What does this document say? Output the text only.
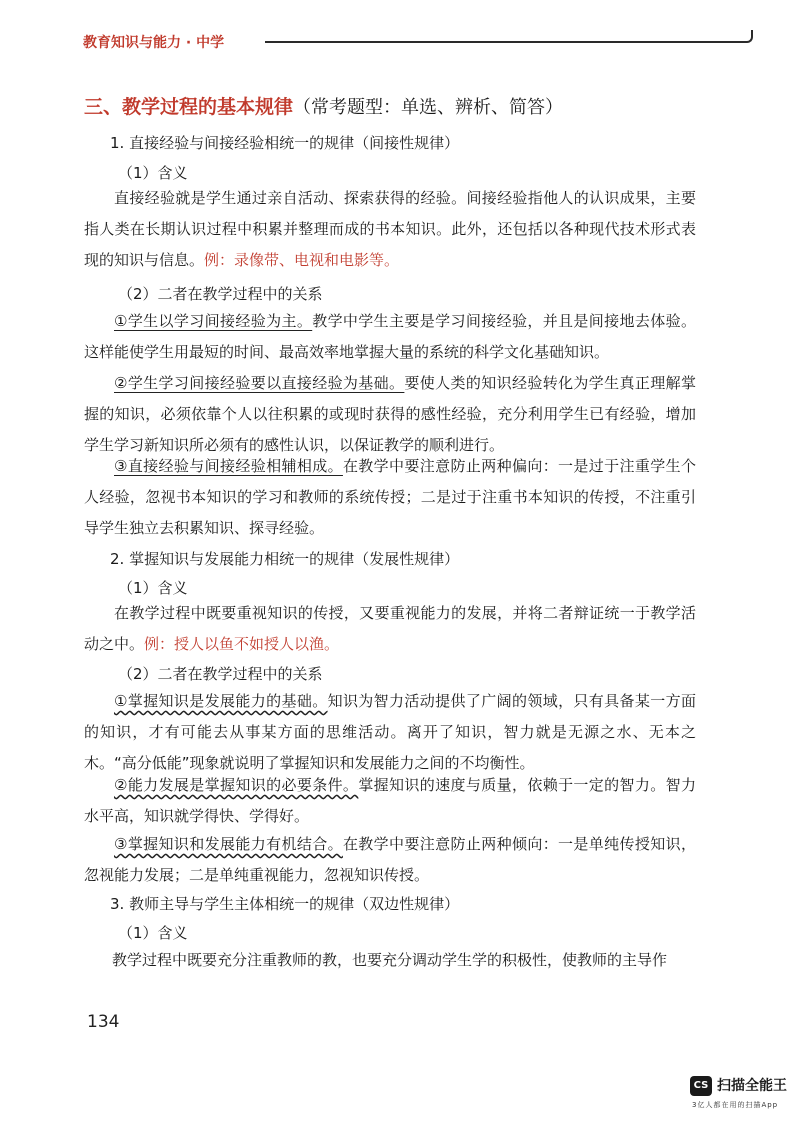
教育知识与能力 · 中学
三、教学过程的基本规律（常考题型：单选、辨析、简答）
1. 直接经验与间接经验相统一的规律（间接性规律）
（1）含义

直接经验就是学生通过亲自活动、探索获得的经验。间接经验指他人的认识成果，主要指人类在长期认识过程中积累并整理而成的书本知识。此外，还包括以各种现代技术形式表现的知识与信息。例：录像带、电视和电影等。

（2）二者在教学过程中的关系

①学生以学习间接经验为主。教学中学生主要是学习间接经验，并且是间接地去体验。这样能使学生用最短的时间、最高效率地掌握大量的系统的科学文化基础知识。

②学生学习间接经验要以直接经验为基础。要使人类的知识经验转化为学生真正理解掌握的知识，必须依靠个人以往积累的或现时获得的感性经验，充分利用学生已有经验，增加学生学习新知识所必须有的感性认识，以保证教学的顺利进行。

③直接经验与间接经验相辅相成。在教学中要注意防止两种偏向：一是过于注重学生个人经验，忽视书本知识的学习和教师的系统传授；二是过于注重书本知识的传授，不注重引导学生独立去积累知识、探寻经验。

2. 掌握知识与发展能力相统一的规律（发展性规律）
（1）含义

在教学过程中既要重视知识的传授，又要重视能力的发展，并将二者辩证统一于教学活动之中。例：授人以鱼不如授人以渔。

（2）二者在教学过程中的关系

①掌握知识是发展能力的基础。知识为智力活动提供了广阔的领域，只有具备某一方面的知识，才有可能去从事某方面的思维活动。离开了知识，智力就是无源之水、无本之木。“高分低能”现象就说明了掌握知识和发展能力之间的不均衡性。

②能力发展是掌握知识的必要条件。掌握知识的速度与质量，依赖于一定的智力。智力水平高，知识就学得快、学得好。

③掌握知识和发展能力有机结合。在教学中要注意防止两种倾向：一是单纯传授知识，忽视能力发展；二是单纯重视能力，忽视知识传授。

3. 教师主导与学生主体相统一的规律（双边性规律）
（1）含义

教学过程中既要充分注重教师的教，也要充分调动学生学的积极性，使教师的主导作

134
CS 扫描全能王
3亿人都在用的扫描App
